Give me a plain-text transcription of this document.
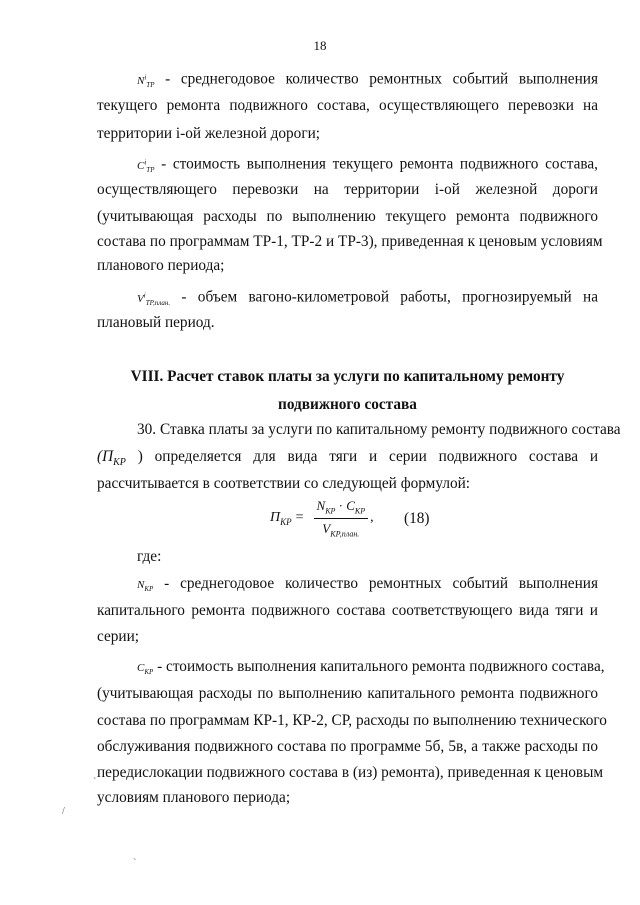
18
$N^i_{TP}$ - среднегодовое количество ремонтных событий выполнения
текущего ремонта подвижного состава, осуществляющего перевозки на
территории i-ой железной дороги;
$C^i_{TP}$ - стоимость выполнения текущего ремонта подвижного состава,
осуществляющего перевозки на территории i-ой железной дороги
(учитывающая расходы по выполнению текущего ремонта подвижного
состава по программам ТР-1, ТР-2 и ТР-3), приведенная к ценовым условиям
планового периода;
$V^i_{TP,план.}$ - объем вагоно-километровой работы, прогнозируемый на
плановый период.
VIII. Расчет ставок платы за услуги по капитальному ремонту
подвижного состава
30. Ставка платы за услуги по капитальному ремонту подвижного состава
($П_{КР}$ ) определяется для вида тяги и серии подвижного состава и
рассчитывается в соответствии со следующей формулой:
$П_{КР} = \frac{N_{КР} \cdot C_{КР}}{V_{КР,план.}}$ , (18)
где:
$N_{КР}$ - среднегодовое количество ремонтных событий выполнения
капитального ремонта подвижного состава соответствующего вида тяги и
серии;
$C_{КР}$ - стоимость выполнения капитального ремонта подвижного состава,
(учитывающая расходы по выполнению капитального ремонта подвижного
состава по программам КР-1, КР-2, СР, расходы по выполнению технического
обслуживания подвижного состава по программе 5б, 5в, а также расходы по
передислокации подвижного состава в (из) ремонта), приведенная к ценовым
условиям планового периода;
`
/
`
